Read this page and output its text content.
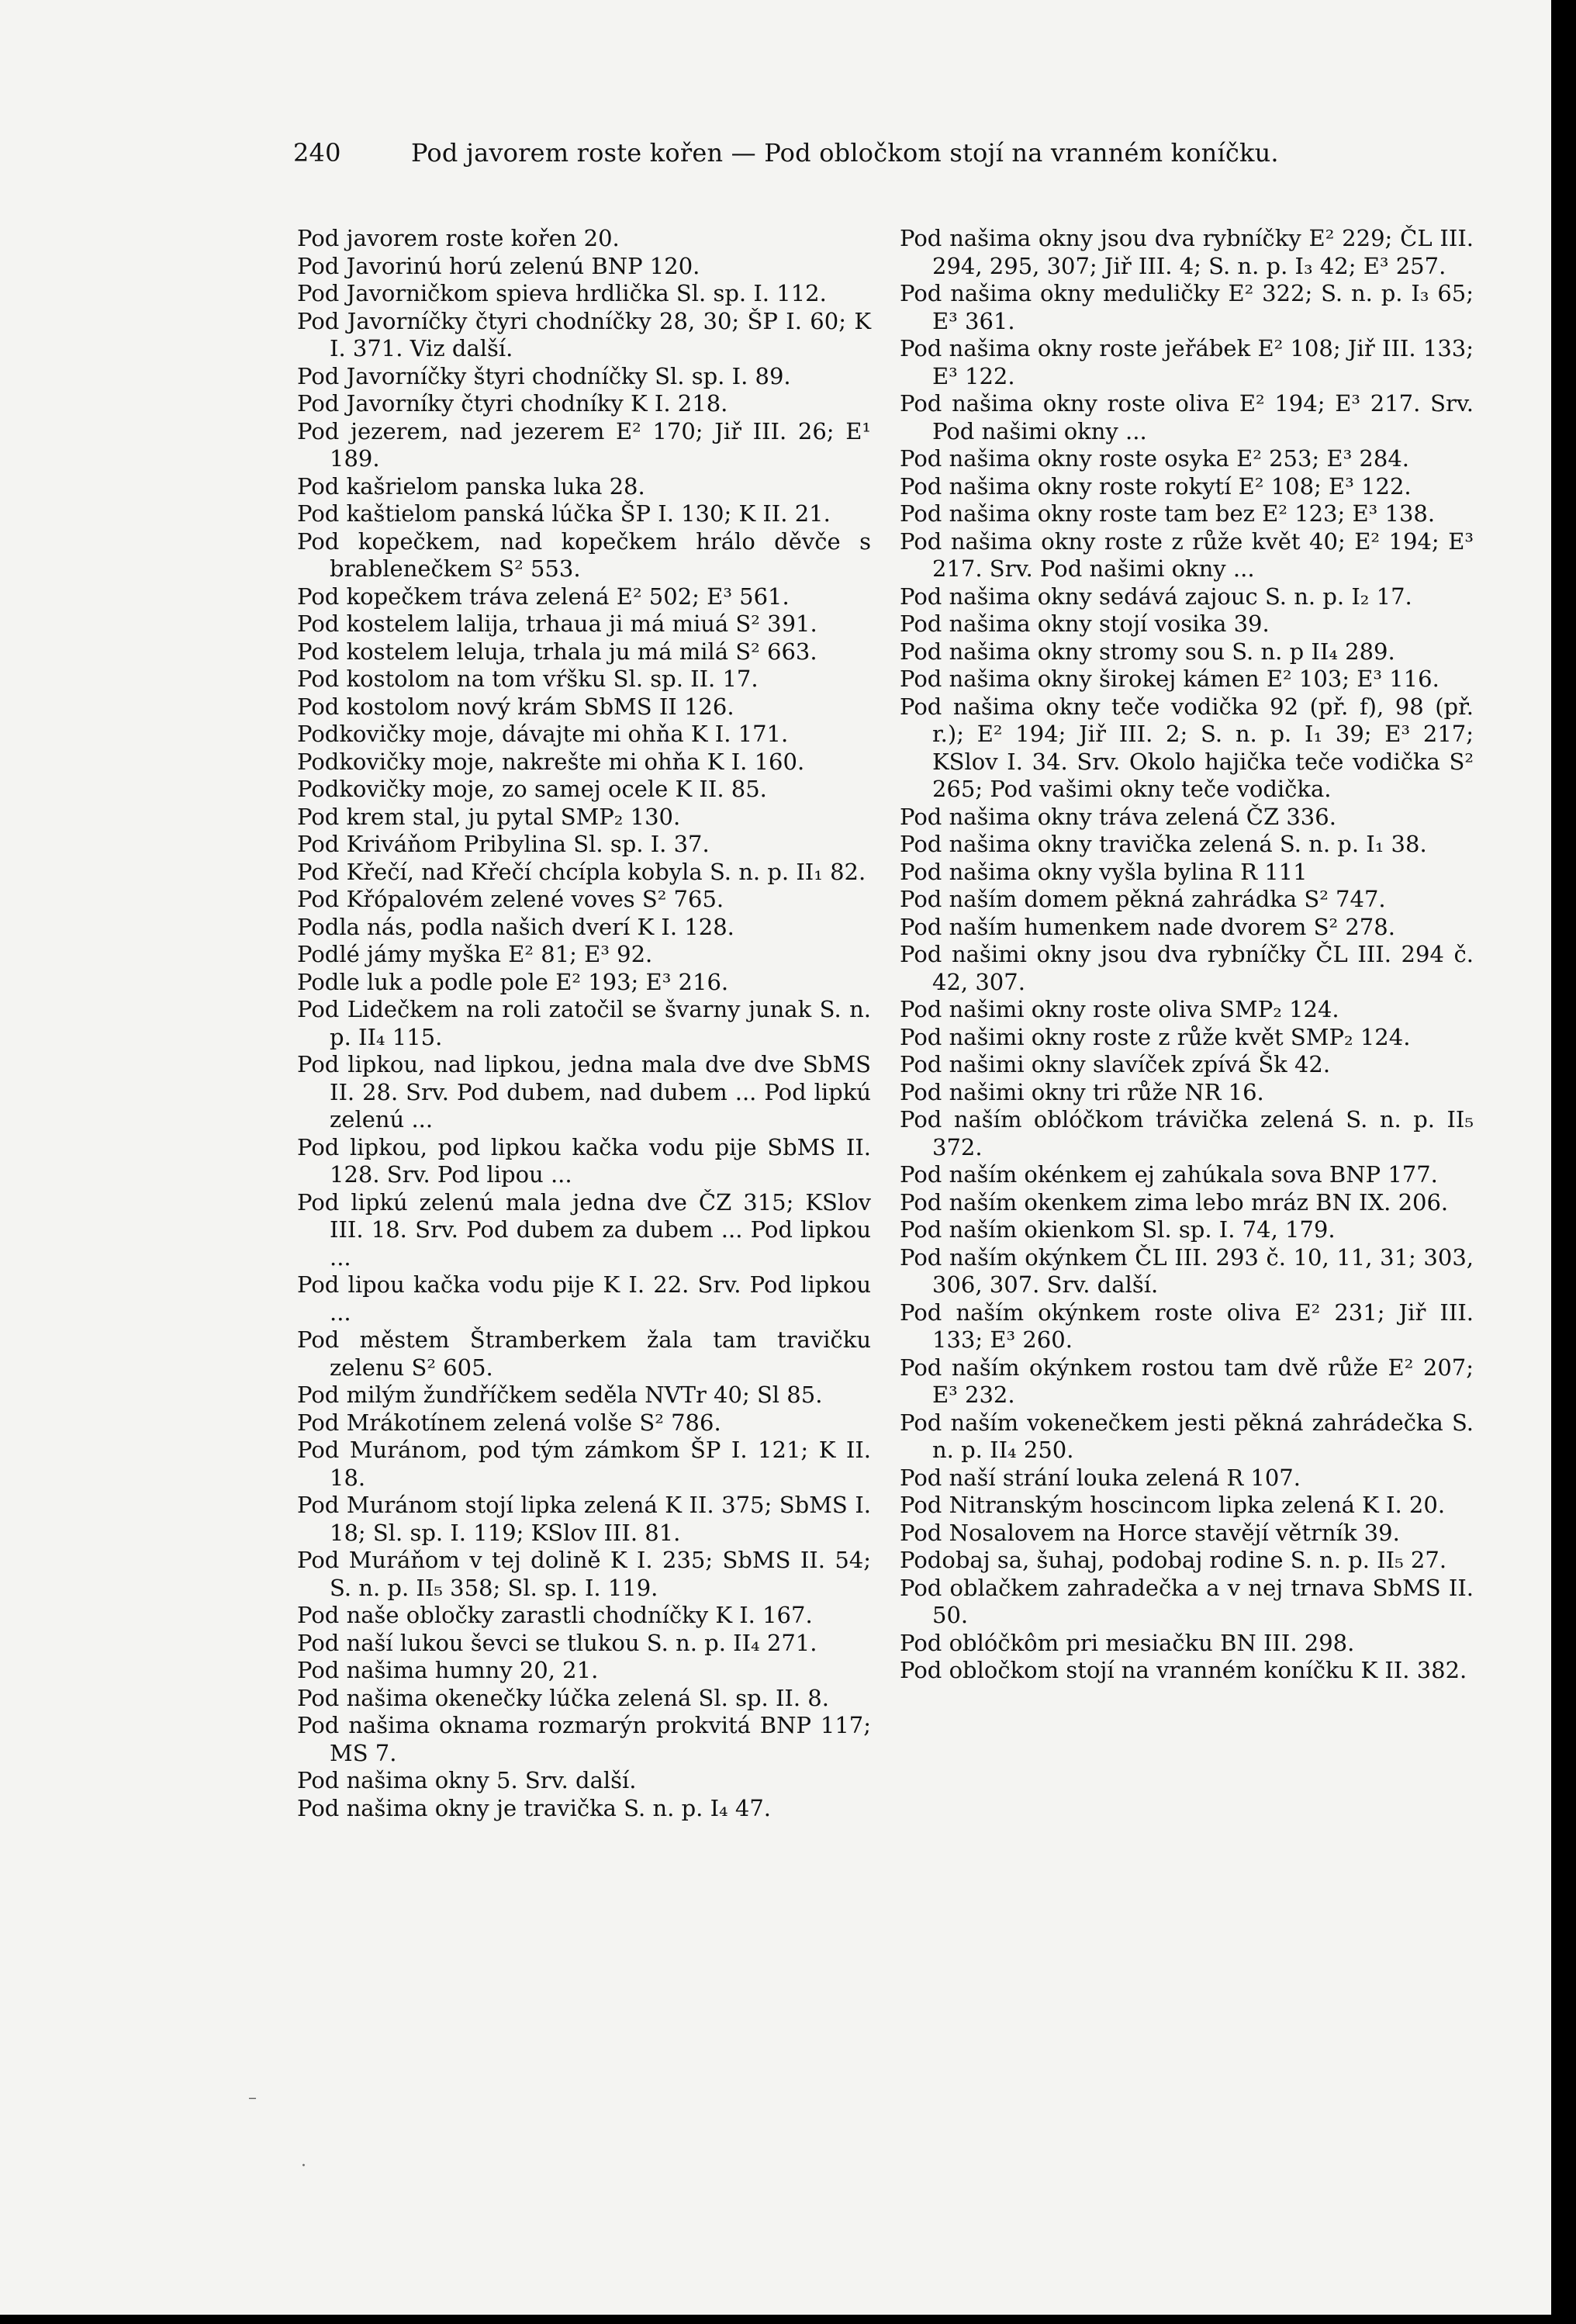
240	Pod javorem roste kořen — Pod obločkom stojí na vranném koníčku.
Pod javorem roste kořen 20.
Pod Javorinú horú zelenú BNP 120.
Pod Javorničkom spieva hrdlička Sl. sp. I. 112.
Pod Javorníčky čtyri chodníčky 28, 30; ŠP I. 60; K I. 371. Viz další.
Pod Javorníčky štyri chodníčky Sl. sp. I. 89.
Pod Javorníky čtyri chodníky K I. 218.
Pod jezerem, nad jezerem E² 170; Jiř III. 26; E¹ 189.
Pod kašrielom panska luka 28.
Pod kaštielom panská lúčka ŠP I. 130; K II. 21.
Pod kopečkem, nad kopečkem hrálo děvče s brablenečkem S² 553.
Pod kopečkem tráva zelená E² 502; E³ 561.
Pod kostelem lalija, trhaua ji má miuá S² 391.
Pod kostelem leluja, trhala ju má milá S² 663.
Pod kostolom na tom vŕšku Sl. sp. II. 17.
Pod kostolom nový krám SbMS II 126.
Podkovičky moje, dávajte mi ohňa K I. 171.
Podkovičky moje, nakrešte mi ohňa K I. 160.
Podkovičky moje, zo samej ocele K II. 85.
Pod krem stal, ju pytal SMP₂ 130.
Pod Kriváňom Pribylina Sl. sp. I. 37.
Pod Křečí, nad Křečí chcípla kobyla S. n. p. II₁ 82.
Pod Křópalovém zelené voves S² 765.
Podla nás, podla našich dverí K I. 128.
Podlé jámy myška E² 81; E³ 92.
Podle luk a podle pole E² 193; E³ 216.
Pod Lidečkem na roli zatočil se švarny junak S. n. p. II₄ 115.
Pod lipkou, nad lipkou, jedna mala dve dve SbMS II. 28. Srv. Pod dubem, nad dubem ... Pod lipkú zelenú ...
Pod lipkou, pod lipkou kačka vodu pije SbMS II. 128. Srv. Pod lipou ...
Pod lipkú zelenú mala jedna dve ČZ 315; KSlov III. 18. Srv. Pod dubem za dubem ... Pod lipkou ...
Pod lipou kačka vodu pije K I. 22. Srv. Pod lipkou ...
Pod městem Štramberkem žala tam travičku zelenu S² 605.
Pod milým žundříčkem seděla NVTr 40; Sl 85.
Pod Mrákotínem zelená volše S² 786.
Pod Muránom, pod tým zámkom ŠP I. 121; K II. 18.
Pod Muránom stojí lipka zelená K II. 375; SbMS I. 18; Sl. sp. I. 119; KSlov III. 81.
Pod Muráňom v tej dolině K I. 235; SbMS II. 54; S. n. p. II₅ 358; Sl. sp. I. 119.
Pod naše obločky zarastli chodníčky K I. 167.
Pod naší lukou ševci se tlukou S. n. p. II₄ 271.
Pod našima humny 20, 21.
Pod našima okenečky lúčka zelená Sl. sp. II. 8.
Pod našima oknama rozmarýn prokvitá BNP 117; MS 7.
Pod našima okny 5. Srv. další.
Pod našima okny je travička S. n. p. I₄ 47.
Pod našima okny jsou dva rybníčky E² 229; ČL III. 294, 295, 307; Jiř III. 4; S. n. p. I₃ 42; E³ 257.
Pod našima okny meduličky E² 322; S. n. p. I₃ 65; E³ 361.
Pod našima okny roste jeřábek E² 108; Jiř III. 133; E³ 122.
Pod našima okny roste oliva E² 194; E³ 217. Srv. Pod našimi okny ...
Pod našima okny roste osyka E² 253; E³ 284.
Pod našima okny roste rokytí E² 108; E³ 122.
Pod našima okny roste tam bez E² 123; E³ 138.
Pod našima okny roste z růže květ 40; E² 194; E³ 217. Srv. Pod našimi okny ...
Pod našima okny sedává zajouc S. n. p. I₂ 17.
Pod našima okny stojí vosika 39.
Pod našima okny stromy sou S. n. p II₄ 289.
Pod našima okny širokej kámen E² 103; E³ 116.
Pod našima okny teče vodička 92 (př. f), 98 (př. r.); E² 194; Jiř III. 2; S. n. p. I₁ 39; E³ 217; KSlov I. 34. Srv. Okolo hajička teče vodička S² 265; Pod vašimi okny teče vodička.
Pod našima okny tráva zelená ČZ 336.
Pod našima okny travička zelená S. n. p. I₁ 38.
Pod našima okny vyšla bylina R 111
Pod naším domem pěkná zahrádka S² 747.
Pod naším humenkem nade dvorem S² 278.
Pod našimi okny jsou dva rybníčky ČL III. 294 č. 42, 307.
Pod našimi okny roste oliva SMP₂ 124.
Pod našimi okny roste z růže květ SMP₂ 124.
Pod našimi okny slavíček zpívá Šk 42.
Pod našimi okny tri růže NR 16.
Pod naším oblóčkom trávička zelená S. n. p. II₅ 372.
Pod naším okénkem ej zahúkala sova BNP 177.
Pod naším okenkem zima lebo mráz BN IX. 206.
Pod naším okienkom Sl. sp. I. 74, 179.
Pod naším okýnkem ČL III. 293 č. 10, 11, 31; 303, 306, 307. Srv. další.
Pod naším okýnkem roste oliva E² 231; Jiř III. 133; E³ 260.
Pod naším okýnkem rostou tam dvě růže E² 207; E³ 232.
Pod naším vokenečkem jesti pěkná zahrádečka S. n. p. II₄ 250.
Pod naší strání louka zelená R 107.
Pod Nitranským hoscincom lipka zelená K I. 20.
Pod Nosalovem na Horce stavějí větrník 39.
Podobaj sa, šuhaj, podobaj rodine S. n. p. II₅ 27.
Pod oblačkem zahradečka a v nej trnava SbMS II. 50.
Pod oblóčkôm pri mesiačku BN III. 298.
Pod obločkom stojí na vranném koníčku K II. 382.
–
·
